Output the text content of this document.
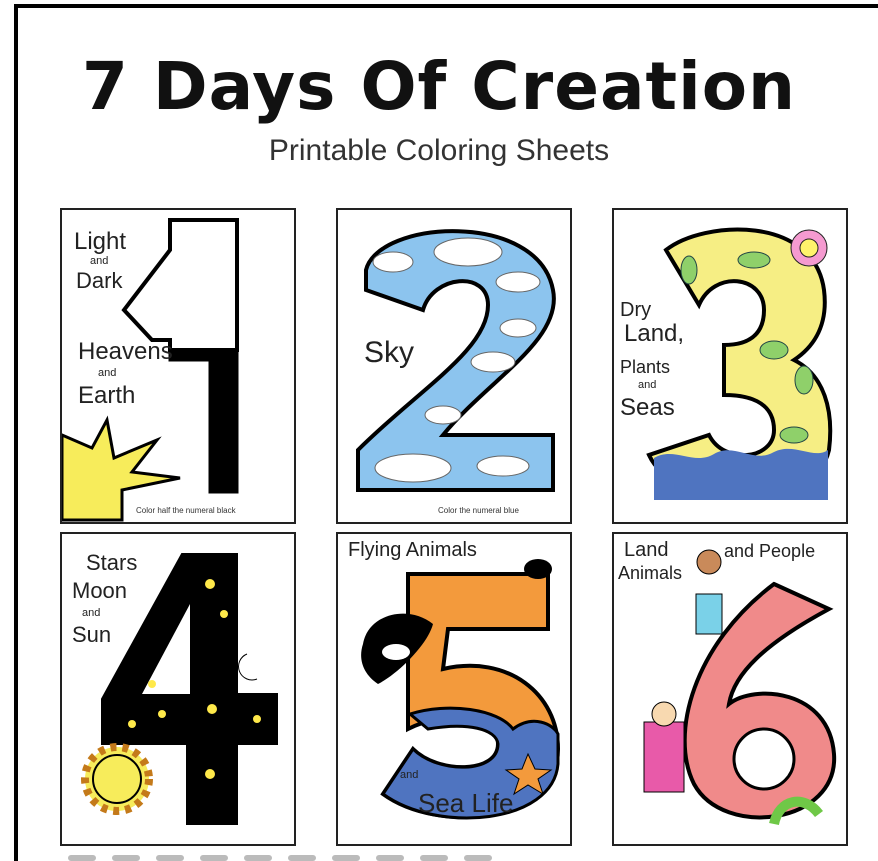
7 Days Of Creation
Printable Coloring Sheets
Light
and
Dark
Heavens
and
Earth
Color half the numeral black
Sky
Color the numeral blue
Dry
Land,
Plants
and
Seas
Stars
Moon
and
Sun
Flying Animals
and
Sea Life
Land
Animals
and People
